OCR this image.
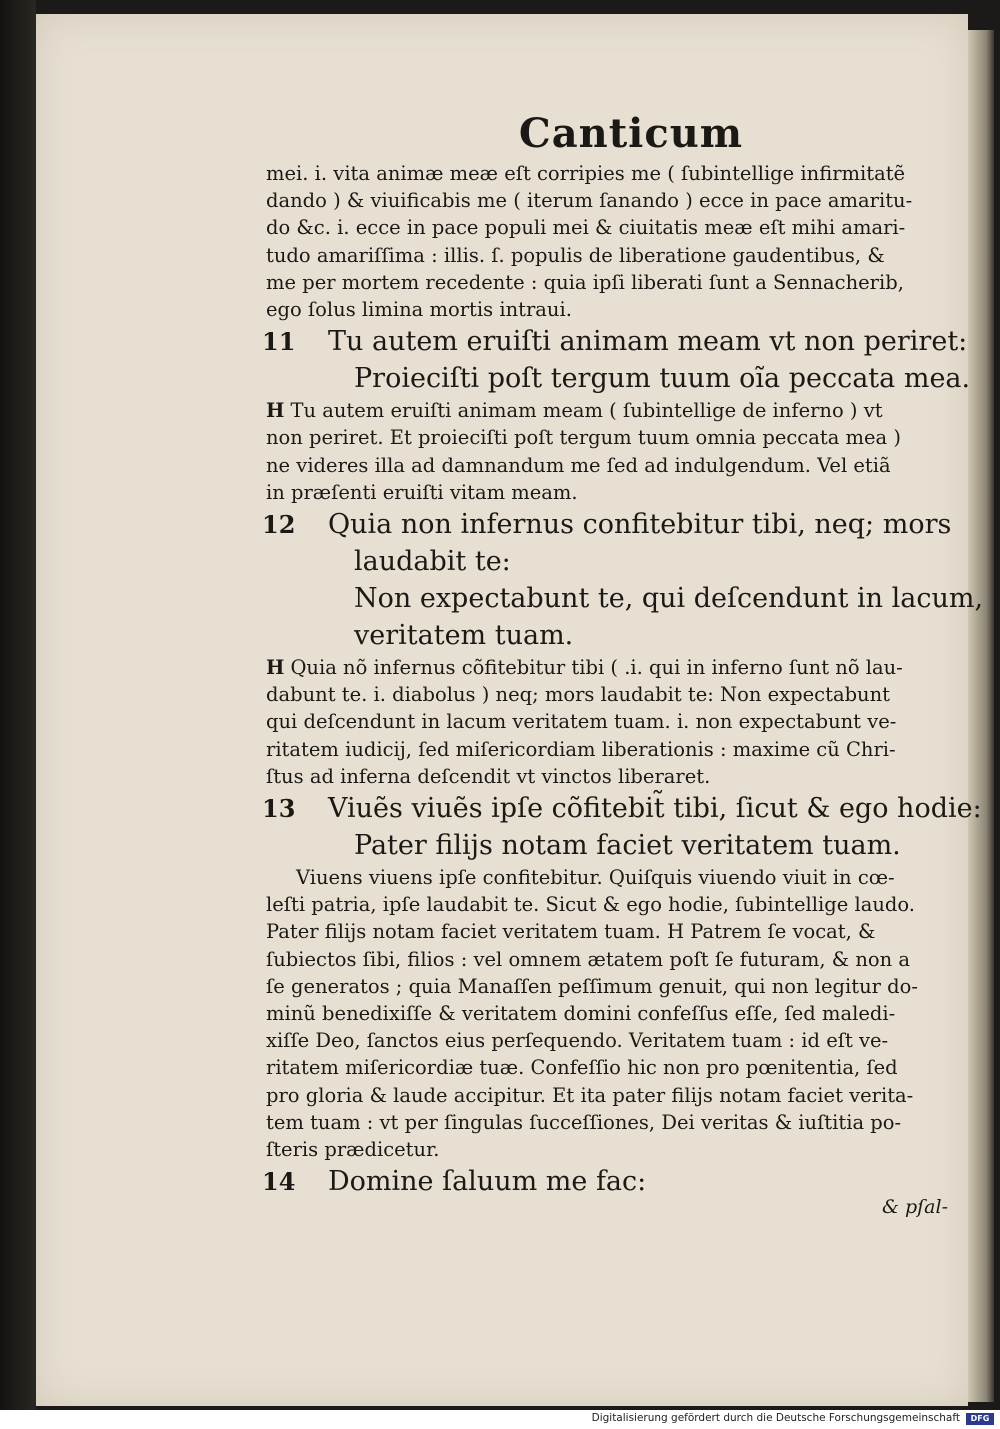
Canticum
mei. i. vita animæ meæ eſt corripies me ( ſubintellige infirmitatẽ
dando ) & viuificabis me ( iterum ſanando ) ecce in pace amaritu-
do &c. i. ecce in pace populi mei & ciuitatis meæ eſt mihi amari-
tudo amariſſima : illis. ſ. populis de liberatione gaudentibus, &
me per mortem recedente : quia ipſi liberati ſunt a Sennacherib,
ego ſolus limina mortis intraui.
11	Tu autem eruiſti animam meam vt non periret:
Proieciſti poſt tergum tuum oĩa peccata mea.
H Tu autem eruiſti animam meam ( ſubintellige de inferno ) vt
non periret. Et proieciſti poſt tergum tuum omnia peccata mea )
ne videres illa ad damnandum me ſed ad indulgendum. Vel etiã
in præſenti eruiſti vitam meam.
12	Quia non infernus confitebitur tibi, neq; mors
laudabit te:
Non expectabunt te, qui deſcendunt in lacum,
veritatem tuam.
H Quia nõ infernus cõfitebitur tibi ( .i. qui in inferno ſunt nõ lau-
dabunt te. i. diabolus ) neq; mors laudabit te: Non expectabunt
qui deſcendunt in lacum veritatem tuam. i. non expectabunt ve-
ritatem iudicij, ſed miſericordiam liberationis : maxime cũ Chri-
ſtus ad inferna deſcendit vt vinctos liberaret.
13	Viuẽs viuẽs ipſe cõfitebit̃ tibi, ſicut & ego hodie:
Pater filijs notam faciet veritatem tuam.
Viuens viuens ipſe confitebitur. Quiſquis viuendo viuit in cœ-
leſti patria, ipſe laudabit te. Sicut & ego hodie, ſubintellige laudo.
Pater filijs notam faciet veritatem tuam. H Patrem ſe vocat, &
ſubiectos ſibi, filios : vel omnem ætatem poſt ſe futuram, & non a
ſe generatos ; quia Manaſſen peſſimum genuit, qui non legitur do-
minũ benedixiſſe & veritatem domini confeſſus eſſe, ſed maledi-
xiſſe Deo, ſanctos eius perſequendo. Veritatem tuam : id eſt ve-
ritatem miſericordiæ tuæ. Confeſſio hic non pro pœnitentia, ſed
pro gloria & laude accipitur. Et ita pater filijs notam faciet verita-
tem tuam : vt per ſingulas ſucceſſiones, Dei veritas & iuſtitia po-
ſteris prædicetur.
14	Domine ſaluum me fac:
& pſal-
Digitalisierung gefördert durch die Deutsche Forschungsgemeinschaft	DFG
